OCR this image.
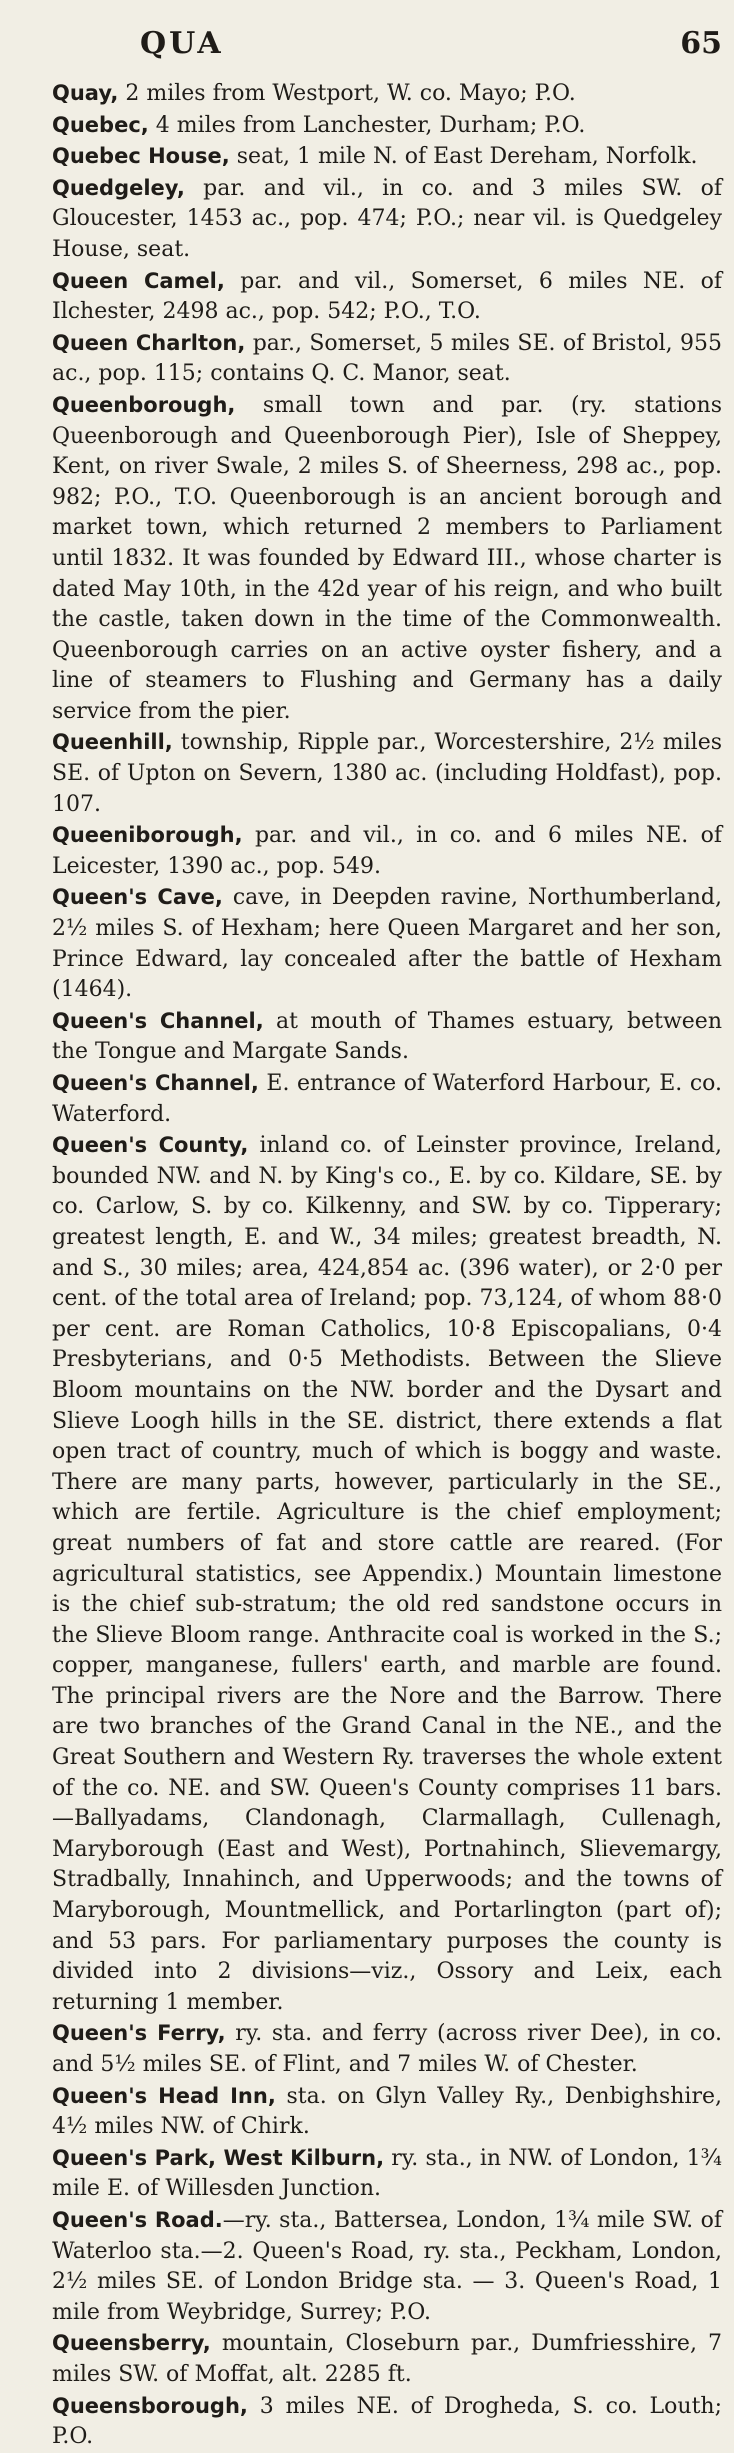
QUA	65

Quay, 2 miles from Westport, W. co. Mayo; P.O.

Quebec, 4 miles from Lanchester, Durham; P.O.

Quebec House, seat, 1 mile N. of East Dereham, Norfolk.

Quedgeley, par. and vil., in co. and 3 miles SW. of Gloucester, 1453 ac., pop. 474; P.O.; near vil. is Quedgeley House, seat.

Queen Camel, par. and vil., Somerset, 6 miles NE. of Ilchester, 2498 ac., pop. 542; P.O., T.O.

Queen Charlton, par., Somerset, 5 miles SE. of Bristol, 955 ac., pop. 115; contains Q. C. Manor, seat.

Queenborough, small town and par. (ry. stations Queenborough and Queenborough Pier), Isle of Sheppey, Kent, on river Swale, 2 miles S. of Sheerness, 298 ac., pop. 982; P.O., T.O. Queenborough is an ancient borough and market town, which returned 2 members to Parliament until 1832. It was founded by Edward III., whose charter is dated May 10th, in the 42d year of his reign, and who built the castle, taken down in the time of the Commonwealth. Queenborough carries on an active oyster fishery, and a line of steamers to Flushing and Germany has a daily service from the pier.

Queenhill, township, Ripple par., Worcestershire, 2½ miles SE. of Upton on Severn, 1380 ac. (including Holdfast), pop. 107.

Queeniborough, par. and vil., in co. and 6 miles NE. of Leicester, 1390 ac., pop. 549.

Queen's Cave, cave, in Deepden ravine, Northumberland, 2½ miles S. of Hexham; here Queen Margaret and her son, Prince Edward, lay concealed after the battle of Hexham (1464).

Queen's Channel, at mouth of Thames estuary, between the Tongue and Margate Sands.

Queen's Channel, E. entrance of Waterford Harbour, E. co. Waterford.

Queen's County, inland co. of Leinster province, Ireland, bounded NW. and N. by King's co., E. by co. Kildare, SE. by co. Carlow, S. by co. Kilkenny, and SW. by co. Tipperary; greatest length, E. and W., 34 miles; greatest breadth, N. and S., 30 miles; area, 424,854 ac. (396 water), or 2·0 per cent. of the total area of Ireland; pop. 73,124, of whom 88·0 per cent. are Roman Catholics, 10·8 Episcopalians, 0·4 Presbyterians, and 0·5 Methodists. Between the Slieve Bloom mountains on the NW. border and the Dysart and Slieve Loogh hills in the SE. district, there extends a flat open tract of country, much of which is boggy and waste. There are many parts, however, particularly in the SE., which are fertile. Agriculture is the chief employment; great numbers of fat and store cattle are reared. (For agricultural statistics, see Appendix.) Mountain limestone is the chief sub-stratum; the old red sandstone occurs in the Slieve Bloom range. Anthracite coal is worked in the S.; copper, manganese, fullers' earth, and marble are found. The principal rivers are the Nore and the Barrow. There are two branches of the Grand Canal in the NE., and the Great Southern and Western Ry. traverses the whole extent of the co. NE. and SW. Queen's County comprises 11 bars.—Ballyadams, Clandonagh, Clarmallagh, Cullenagh, Maryborough (East and West), Portnahinch, Slievemargy, Stradbally, Innahinch, and Upperwoods; and the towns of Maryborough, Mountmellick, and Portarlington (part of); and 53 pars. For parliamentary purposes the county is divided into 2 divisions—viz., Ossory and Leix, each returning 1 member.

Queen's Ferry, ry. sta. and ferry (across river Dee), in co. and 5½ miles SE. of Flint, and 7 miles W. of Chester.

Queen's Head Inn, sta. on Glyn Valley Ry., Denbighshire, 4½ miles NW. of Chirk.

Queen's Park, West Kilburn, ry. sta., in NW. of London, 1¾ mile E. of Willesden Junction.

Queen's Road.—ry. sta., Battersea, London, 1¾ mile SW. of Waterloo sta.—2. Queen's Road, ry. sta., Peckham, London, 2½ miles SE. of London Bridge sta. — 3. Queen's Road, 1 mile from Weybridge, Surrey; P.O.

Queensberry, mountain, Closeburn par., Dumfriesshire, 7 miles SW. of Moffat, alt. 2285 ft.

Queensborough, 3 miles NE. of Drogheda, S. co. Louth; P.O.
